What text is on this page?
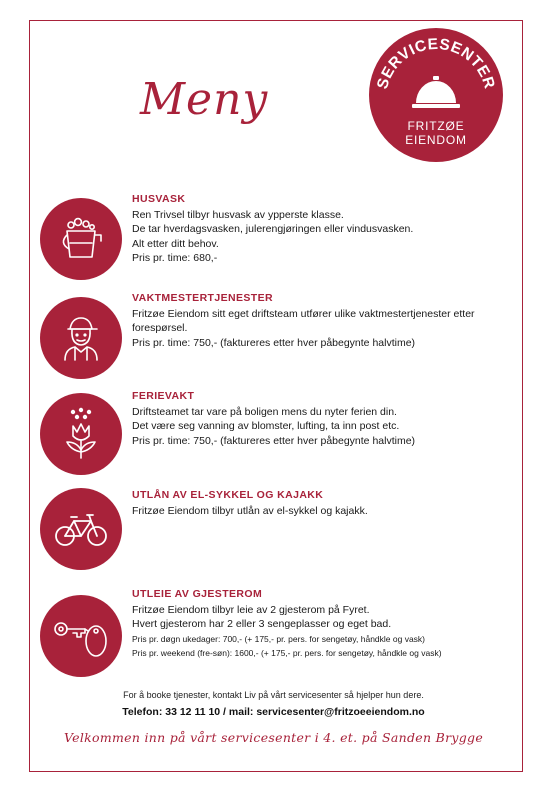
Meny	SERVICESENTER
FRITZØE
EIENDOM
HUSVASK
Ren Trivsel tilbyr husvask av ypperste klasse.
De tar hverdagsvasken, julerengjøringen eller vindusvasken.
Alt etter ditt behov.
Pris pr. time: 680,-
VAKTMESTERTJENESTER
Fritzøe Eiendom sitt eget driftsteam utfører ulike vaktmestertjenester etter
forespørsel.
Pris pr. time: 750,- (faktureres etter hver påbegynte halvtime)
FERIEVAKT
Driftsteamet tar vare på boligen mens du nyter ferien din.
Det være seg vanning av blomster, lufting, ta inn post etc.
Pris pr. time: 750,- (faktureres etter hver påbegynte halvtime)
UTLÅN AV EL-SYKKEL OG KAJAKK
Fritzøe Eiendom tilbyr utlån av el-sykkel og kajakk.
UTLEIE AV GJESTEROM
Fritzøe Eiendom tilbyr leie av 2 gjesterom på Fyret.
Hvert gjesterom har 2 eller 3 sengeplasser og eget bad.
Pris pr. døgn ukedager: 700,- (+ 175,- pr. pers. for sengetøy, håndkle og vask)
Pris pr. weekend (fre-søn): 1600,- (+ 175,- pr. pers. for sengetøy, håndkle og vask)
For å booke tjenester, kontakt Liv på vårt servicesenter så hjelper hun dere.
Telefon: 33 12 11 10 / mail: servicesenter@fritzoeeiendom.no
Velkommen inn på vårt servicesenter i 4. et. på Sanden Brygge
